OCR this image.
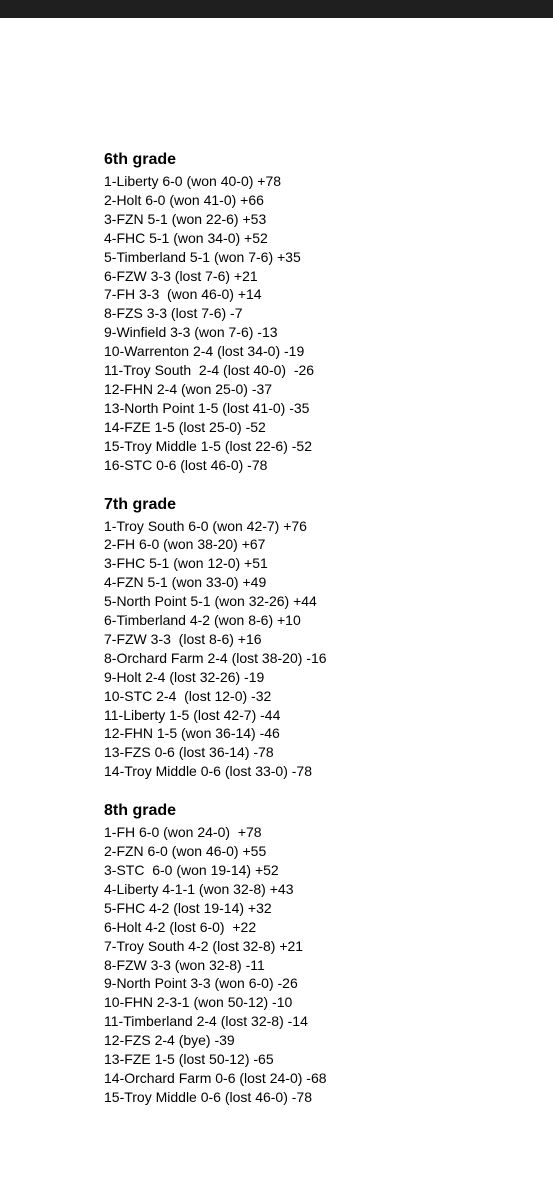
6th grade
1-Liberty 6-0 (won 40-0) +78
2-Holt 6-0 (won 41-0) +66
3-FZN 5-1 (won 22-6) +53
4-FHC 5-1 (won 34-0) +52
5-Timberland 5-1 (won 7-6) +35
6-FZW 3-3 (lost 7-6) +21
7-FH 3-3  (won 46-0) +14
8-FZS 3-3 (lost 7-6) -7
9-Winfield 3-3 (won 7-6) -13
10-Warrenton 2-4 (lost 34-0) -19
11-Troy South  2-4 (lost 40-0)  -26
12-FHN 2-4 (won 25-0) -37
13-North Point 1-5 (lost 41-0) -35
14-FZE 1-5 (lost 25-0) -52
15-Troy Middle 1-5 (lost 22-6) -52
16-STC 0-6 (lost 46-0) -78
7th grade
1-Troy South 6-0 (won 42-7) +76
2-FH 6-0 (won 38-20) +67
3-FHC 5-1 (won 12-0) +51
4-FZN 5-1 (won 33-0) +49
5-North Point 5-1 (won 32-26) +44
6-Timberland 4-2 (won 8-6) +10
7-FZW 3-3  (lost 8-6) +16
8-Orchard Farm 2-4 (lost 38-20) -16
9-Holt 2-4 (lost 32-26) -19
10-STC 2-4  (lost 12-0) -32
11-Liberty 1-5 (lost 42-7) -44
12-FHN 1-5 (won 36-14) -46
13-FZS 0-6 (lost 36-14) -78
14-Troy Middle 0-6 (lost 33-0) -78
8th grade
1-FH 6-0 (won 24-0)  +78
2-FZN 6-0 (won 46-0) +55
3-STC  6-0 (won 19-14) +52
4-Liberty 4-1-1 (won 32-8) +43
5-FHC 4-2 (lost 19-14) +32
6-Holt 4-2 (lost 6-0)  +22
7-Troy South 4-2 (lost 32-8) +21
8-FZW 3-3 (won 32-8) -11
9-North Point 3-3 (won 6-0) -26
10-FHN 2-3-1 (won 50-12) -10
11-Timberland 2-4 (lost 32-8) -14
12-FZS 2-4 (bye) -39
13-FZE 1-5 (lost 50-12) -65
14-Orchard Farm 0-6 (lost 24-0) -68
15-Troy Middle 0-6 (lost 46-0) -78
